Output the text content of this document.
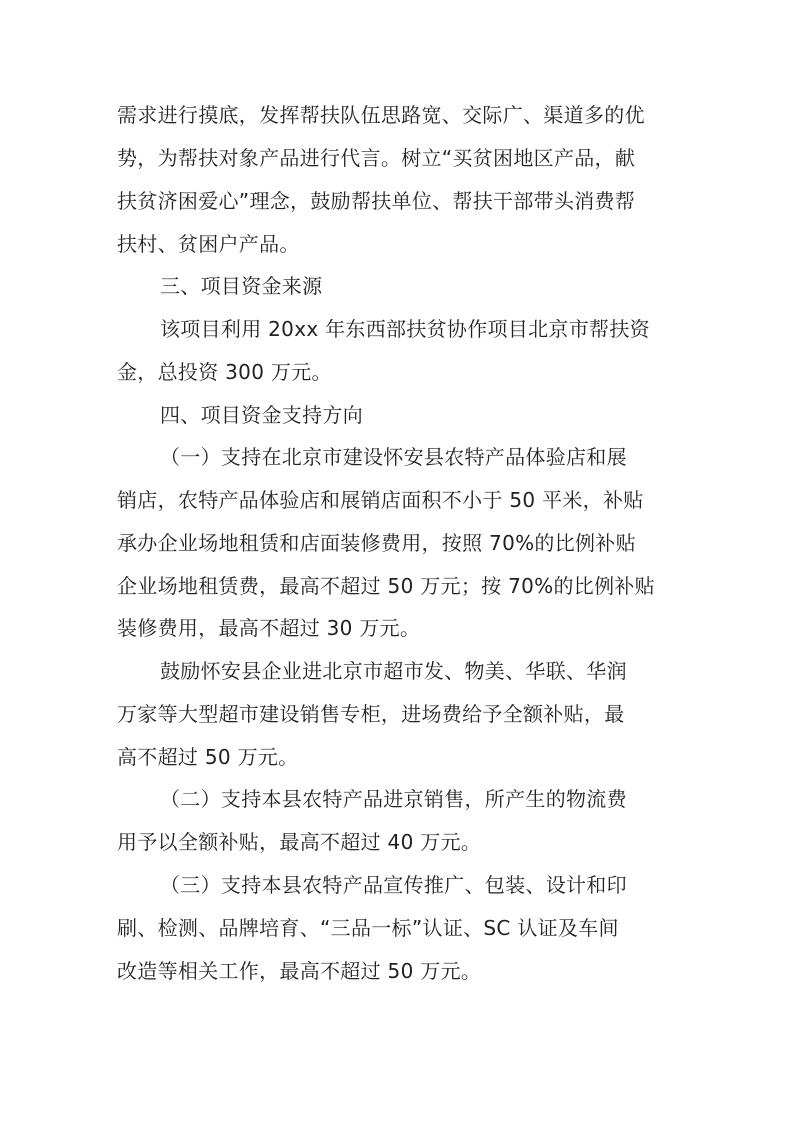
需求进行摸底，发挥帮扶队伍思路宽、交际广、渠道多的优
势，为帮扶对象产品进行代言。树立“买贫困地区产品，献
扶贫济困爱心”理念，鼓励帮扶单位、帮扶干部带头消费帮
扶村、贫困户产品。
三、项目资金来源
该项目利用 20xx 年东西部扶贫协作项目北京市帮扶资
金，总投资 300 万元。
四、项目资金支持方向
（一）支持在北京市建设怀安县农特产品体验店和展
销店，农特产品体验店和展销店面积不小于 50 平米，补贴
承办企业场地租赁和店面装修费用，按照 70%的比例补贴
企业场地租赁费，最高不超过 50 万元；按 70%的比例补贴
装修费用，最高不超过 30 万元。
鼓励怀安县企业进北京市超市发、物美、华联、华润
万家等大型超市建设销售专柜，进场费给予全额补贴，最
高不超过 50 万元。
（二）支持本县农特产品进京销售，所产生的物流费
用予以全额补贴，最高不超过 40 万元。
（三）支持本县农特产品宣传推广、包装、设计和印
刷、检测、品牌培育、“三品一标”认证、SC 认证及车间
改造等相关工作，最高不超过 50 万元。
